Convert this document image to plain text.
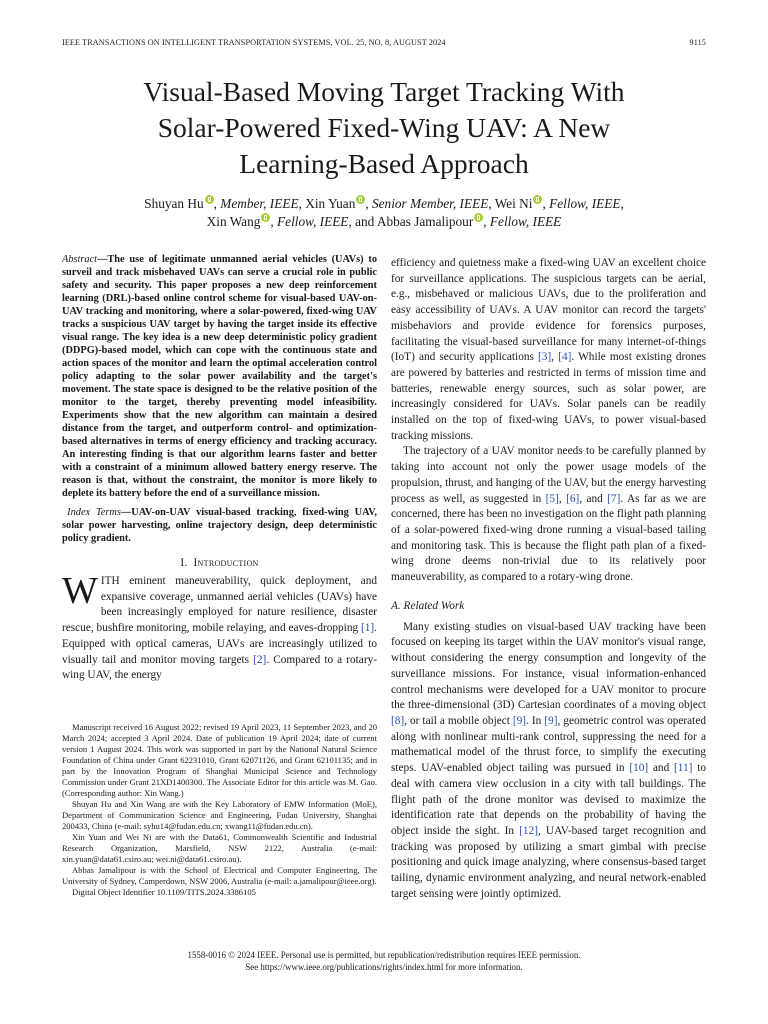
IEEE TRANSACTIONS ON INTELLIGENT TRANSPORTATION SYSTEMS, VOL. 25, NO. 8, AUGUST 2024	9115
Visual-Based Moving Target Tracking With
Solar-Powered Fixed-Wing UAV: A New
Learning-Based Approach
Shuyan Hu , Member, IEEE, Xin Yuan , Senior Member, IEEE, Wei Ni , Fellow, IEEE,
Xin Wang , Fellow, IEEE, and Abbas Jamalipour , Fellow, IEEE

Abstract—The use of legitimate unmanned aerial vehicles (UAVs) to surveil and track misbehaved UAVs can serve a crucial role in public safety and security. This paper proposes a new deep reinforcement learning (DRL)-based online control scheme for visual-based UAV-on-UAV tracking and monitoring, where a solar-powered, fixed-wing UAV tracks a suspicious UAV target by having the target inside its effective visual range. The key idea is a new deep deterministic policy gradient (DDPG)-based model, which can cope with the continuous state and action spaces of the monitor and learn the optimal acceleration control policy adapting to the solar power availability and the target's movement. The state space is designed to be the relative position of the monitor to the target, thereby preventing model infeasibility. Experiments show that the new algorithm can maintain a desired distance from the target, and outperform control- and optimization-based alternatives in terms of energy efficiency and tracking accuracy. An interesting finding is that our algorithm learns faster and better with a constraint of a minimum allowed battery energy reserve. The reason is that, without the constraint, the monitor is more likely to deplete its battery before the end of a surveillance mission.

 Index Terms—UAV-on-UAV visual-based tracking, fixed-wing UAV, solar power harvesting, online trajectory design, deep deterministic policy gradient.

I.  Introduction

WITH eminent maneuverability, quick deployment, and expansive coverage, unmanned aerial vehicles (UAVs) have been increasingly employed for nature resilience, disaster rescue, bushfire monitoring, mobile relaying, and eaves-dropping [1]. Equipped with optical cameras, UAVs are increasingly utilized to visually tail and monitor moving targets [2]. Compared to a rotary-wing UAV, the energy

Manuscript received 16 August 2022; revised 19 April 2023, 11 September 2023, and 20 March 2024; accepted 3 April 2024. Date of publication 19 April 2024; date of current version 1 August 2024. This work was supported in part by the National Natural Science Foundation of China under Grant 62231010, Grant 62071126, and Grant 62101135; and in part by the Innovation Program of Shanghai Municipal Science and Technology Commission under Grant 21XD1400300. The Associate Editor for this article was M. Gao. (Corresponding author: Xin Wang.)

Shuyan Hu and Xin Wang are with the Key Laboratory of EMW Information (MoE), Department of Communication Science and Engineering, Fudan University, Shanghai 200433, China (e-mail: syhu14@fudan.edu.cn; xwang11@fudan.edu.cn).

Xin Yuan and Wei Ni are with the Data61, Commonwealth Scientific and Industrial Research Organization, Marsfield, NSW 2122, Australia (e-mail: xin.yuan@data61.csiro.au; wei.ni@data61.csiro.au).

Abbas Jamalipour is with the School of Electrical and Computer Engineering, The University of Sydney, Camperdown, NSW 2006, Australia (e-mail: a.jamalipour@ieee.org).

Digital Object Identifier 10.1109/TITS.2024.3386105

efficiency and quietness make a fixed-wing UAV an excellent choice for surveillance applications. The suspicious targets can be aerial, e.g., misbehaved or malicious UAVs, due to the proliferation and easy accessibility of UAVs. A UAV monitor can record the targets' misbehaviors and provide evidence for forensics purposes, facilitating the visual-based surveillance for many internet-of-things (IoT) and security applications [3], [4]. While most existing drones are powered by batteries and restricted in terms of mission time and batteries, renewable energy sources, such as solar power, are increasingly considered for UAVs. Solar panels can be readily installed on the top of fixed-wing UAVs, to power visual-based tracking missions.

The trajectory of a UAV monitor needs to be carefully planned by taking into account not only the power usage models of the propulsion, thrust, and hanging of the UAV, but the energy harvesting process as well, as suggested in [5], [6], and [7]. As far as we are concerned, there has been no investigation on the flight path planning of a solar-powered fixed-wing drone running a visual-based tailing and monitoring task. This is because the flight path plan of a fixed-wing drone deems non-trivial due to its relatively poor maneuverability, as compared to a rotary-wing drone.

A. Related Work

Many existing studies on visual-based UAV tracking have been focused on keeping its target within the UAV monitor's visual range, without considering the energy consumption and longevity of the surveillance missions. For instance, visual information-enhanced control mechanisms were developed for a UAV monitor to procure the three-dimensional (3D) Cartesian coordinates of a moving object [8], or tail a mobile object [9]. In [9], geometric control was operated along with nonlinear multi-rank control, suppressing the need for a mathematical model of the thrust force, to simplify the executing steps. UAV-enabled object tailing was pursued in [10] and [11] to deal with camera view occlusion in a city with tall buildings. The flight path of the drone monitor was devised to maximize the identification rate that depends on the probability of having the object inside the sight. In [12], UAV-based target recognition and tracking was proposed by utilizing a smart gimbal with precise positioning and quick image analyzing, where consensus-based target tailing, dynamic environment analyzing, and neural network-enabled target sensing were jointly optimized.

1558-0016 © 2024 IEEE. Personal use is permitted, but republication/redistribution requires IEEE permission.
See https://www.ieee.org/publications/rights/index.html for more information.
